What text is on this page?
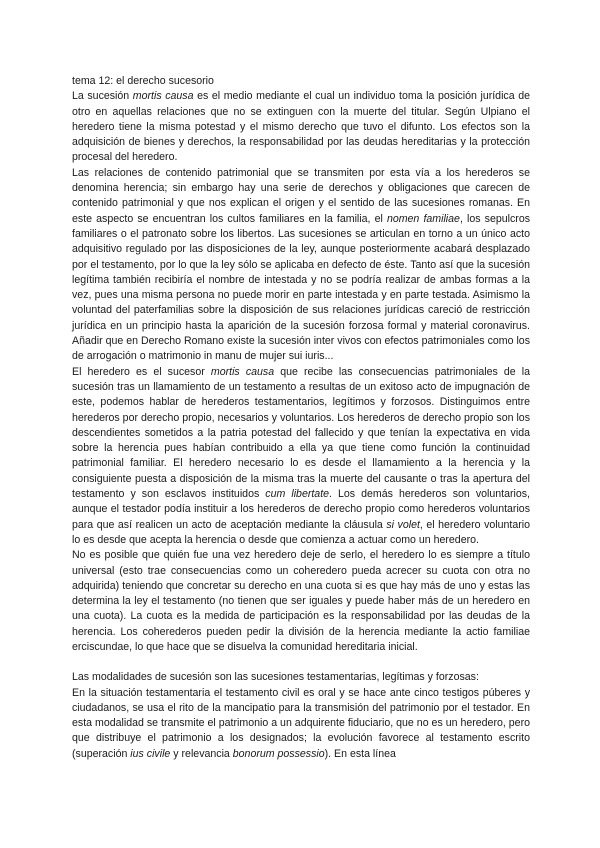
tema 12: el derecho sucesorio

La sucesión mortis causa es el medio mediante el cual un individuo toma la posición jurídica de otro en aquellas relaciones que no se extinguen con la muerte del titular. Según Ulpiano el heredero tiene la misma potestad y el mismo derecho que tuvo el difunto. Los efectos son la adquisición de bienes y derechos, la responsabilidad por las deudas hereditarias y la protección procesal del heredero.

Las relaciones de contenido patrimonial que se transmiten por esta vía a los herederos se denomina herencia; sin embargo hay una serie de derechos y obligaciones que carecen de contenido patrimonial y que nos explican el origen y el sentido de las sucesiones romanas. En este aspecto se encuentran los cultos familiares en la familia, el nomen familiae, los sepulcros familiares o el patronato sobre los libertos. Las sucesiones se articulan en torno a un único acto adquisitivo regulado por las disposiciones de la ley, aunque posteriormente acabará desplazado por el testamento, por lo que la ley sólo se aplicaba en defecto de éste. Tanto así que la sucesión legítima también recibiría el nombre de intestada y no se podría realizar de ambas formas a la vez, pues una misma persona no puede morir en parte intestada y en parte testada. Asimismo la voluntad del paterfamilias sobre la disposición de sus relaciones jurídicas careció de restricción jurídica en un principio hasta la aparición de la sucesión forzosa formal y material coronavirus. Añadir que en Derecho Romano existe la sucesión inter vivos con efectos patrimoniales como los de arrogación o matrimonio in manu de mujer sui iuris...

El heredero es el sucesor mortis causa que recibe las consecuencias patrimoniales de la sucesión tras un llamamiento de un testamento a resultas de un exitoso acto de impugnación de este, podemos hablar de herederos testamentarios, legítimos y forzosos. Distinguimos entre herederos por derecho propio, necesarios y voluntarios. Los herederos de derecho propio son los descendientes sometidos a la patria potestad del fallecido y que tenían la expectativa en vida sobre la herencia pues habían contribuido a ella ya que tiene como función la continuidad patrimonial familiar. El heredero necesario lo es desde el llamamiento a la herencia y la consiguiente puesta a disposición de la misma tras la muerte del causante o tras la apertura del testamento y son esclavos instituidos cum libertate. Los demás herederos son voluntarios, aunque el testador podía instituir a los herederos de derecho propio como herederos voluntarios para que así realicen un acto de aceptación mediante la cláusula si volet, el heredero voluntario lo es desde que acepta la herencia o desde que comienza a actuar como un heredero.

No es posible que quién fue una vez heredero deje de serlo, el heredero lo es siempre a título universal (esto trae consecuencias como un coheredero pueda acrecer su cuota con otra no adquirida) teniendo que concretar su derecho en una cuota si es que hay más de uno y estas las determina la ley el testamento (no tienen que ser iguales y puede haber más de un heredero en una cuota). La cuota es la medida de participación es la responsabilidad por las deudas de la herencia. Los coherederos pueden pedir la división de la herencia mediante la actio familiae erciscundae, lo que hace que se disuelva la comunidad hereditaria inicial.

Las modalidades de sucesión son las sucesiones testamentarias, legítimas y forzosas:

En la situación testamentaria el testamento civil es oral y se hace ante cinco testigos púberes y ciudadanos, se usa el rito de la mancipatio para la transmisión del patrimonio por el testador. En esta modalidad se transmite el patrimonio a un adquirente fiduciario, que no es un heredero, pero que distribuye el patrimonio a los designados; la evolución favorece al testamento escrito (superación ius civile y relevancia bonorum possessio). En esta línea
